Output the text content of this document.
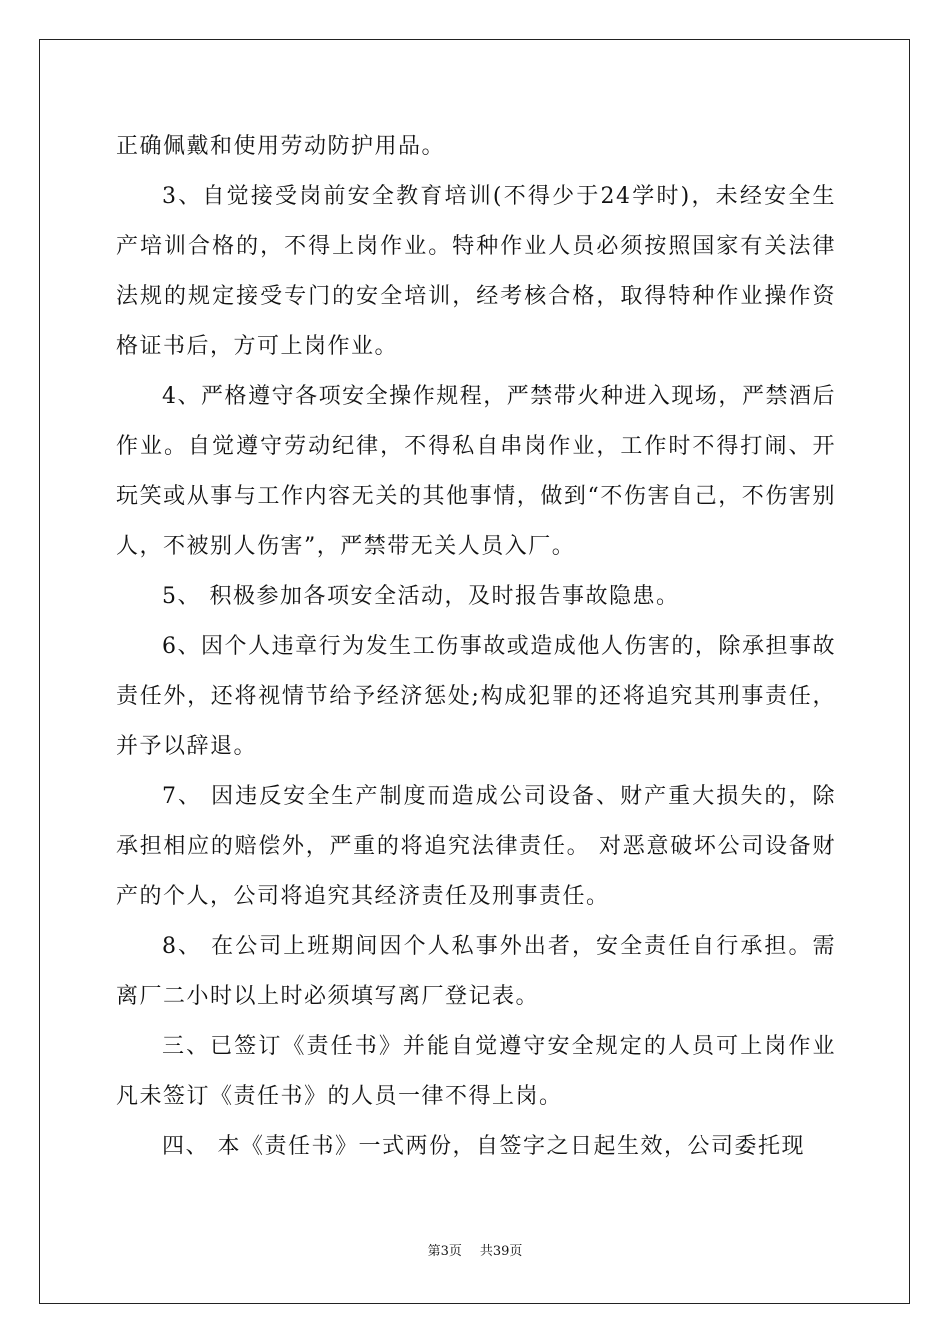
正确佩戴和使用劳动防护用品。

3、自觉接受岗前安全教育培训(不得少于24学时)，未经安全生产培训合格的，不得上岗作业。特种作业人员必须按照国家有关法律法规的规定接受专门的安全培训，经考核合格，取得特种作业操作资格证书后，方可上岗作业。

4、严格遵守各项安全操作规程，严禁带火种进入现场，严禁酒后作业。自觉遵守劳动纪律，不得私自串岗作业，工作时不得打闹、开玩笑或从事与工作内容无关的其他事情，做到“不伤害自己，不伤害别人，不被别人伤害”，严禁带无关人员入厂。

5、 积极参加各项安全活动，及时报告事故隐患。

6、因个人违章行为发生工伤事故或造成他人伤害的，除承担事故责任外，还将视情节给予经济惩处;构成犯罪的还将追究其刑事责任，并予以辞退。

7、 因违反安全生产制度而造成公司设备、财产重大损失的，除承担相应的赔偿外，严重的将追究法律责任。 对恶意破坏公司设备财产的个人，公司将追究其经济责任及刑事责任。

8、 在公司上班期间因个人私事外出者，安全责任自行承担。需离厂二小时以上时必须填写离厂登记表。

三、已签订《责任书》并能自觉遵守安全规定的人员可上岗作业凡未签订《责任书》的人员一律不得上岗。

四、 本《责任书》一式两份，自签字之日起生效，公司委托现

第3页 共39页
